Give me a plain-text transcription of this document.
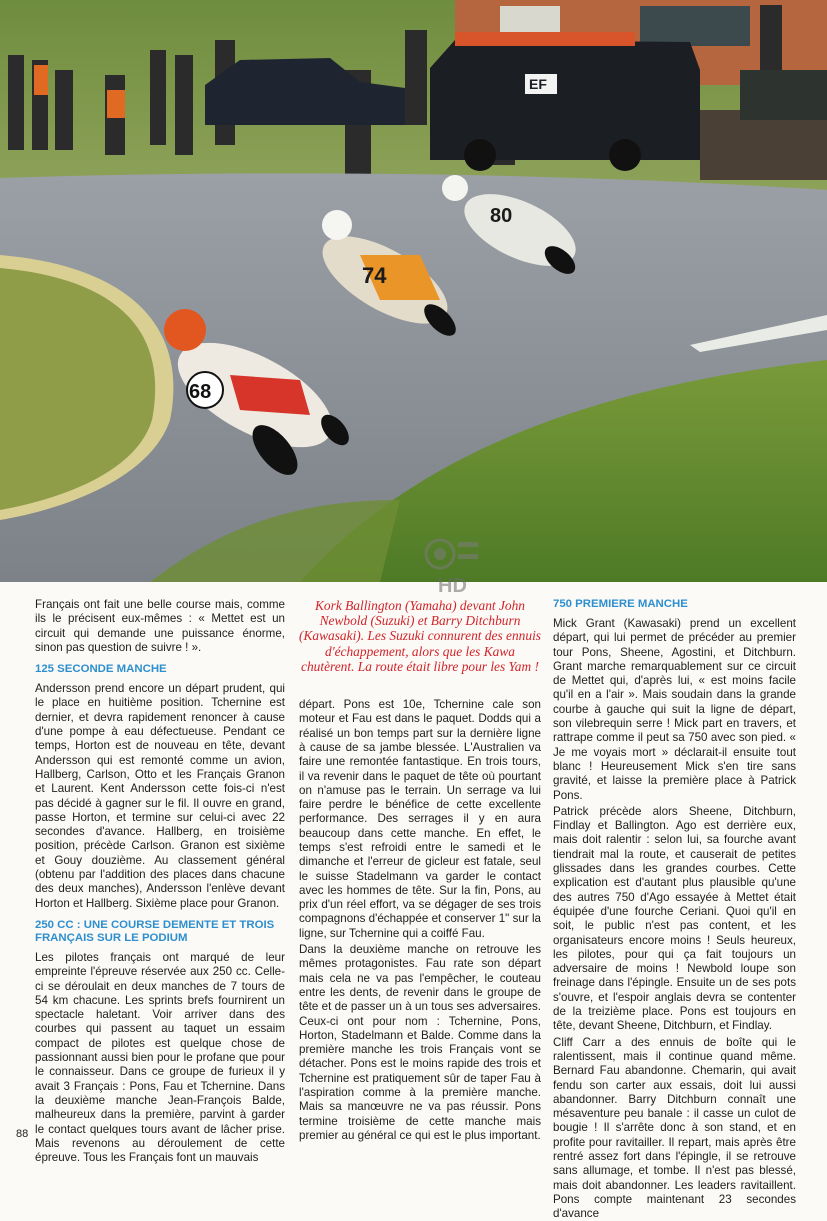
EF
80
74
68
HD

Français ont fait une belle course mais, comme ils le précisent eux-mêmes : « Mettet est un circuit qui demande une puissance énorme, sinon pas question de suivre ! ».

125 SECONDE MANCHE

Andersson prend encore un départ prudent, qui le place en huitième position. Tchernine est dernier, et devra rapidement renoncer à cause d'une pompe à eau défectueuse. Pendant ce temps, Horton est de nouveau en tête, devant Andersson qui est remonté comme un avion, Hallberg, Carlson, Otto et les Français Granon et Laurent. Kent Andersson cette fois-ci n'est pas décidé à gagner sur le fil. Il ouvre en grand, passe Horton, et termine sur celui-ci avec 22 secondes d'avance. Hallberg, en troisième position, précède Carlson. Granon est sixième et Gouy douzième. Au classement général (obtenu par l'addition des places dans chacune des deux manches), Andersson l'enlève devant Horton et Hallberg. Sixième place pour Granon.

250 CC : UNE COURSE DEMENTE ET TROIS FRANÇAIS SUR LE PODIUM

Les pilotes français ont marqué de leur empreinte l'épreuve réservée aux 250 cc. Celle-ci se déroulait en deux manches de 7 tours de 54 km chacune. Les sprints brefs fournirent un spectacle haletant. Voir arriver dans des courbes qui passent au taquet un essaim compact de pilotes est quelque chose de passionnant aussi bien pour le profane que pour le connaisseur. Dans ce groupe de furieux il y avait 3 Français : Pons, Fau et Tchernine. Dans la deuxième manche Jean-François Balde, malheureux dans la première, parvint à garder le contact quelques tours avant de lâcher prise. Mais revenons au déroulement de cette épreuve. Tous les Français font un mauvais

Kork Ballington (Yamaha) devant John Newbold (Suzuki) et Barry Ditchburn (Kawasaki). Les Suzuki connurent des ennuis d'échappement, alors que les Kawa chutèrent. La route était libre pour les Yam !

départ. Pons est 10e, Tchernine cale son moteur et Fau est dans le paquet. Dodds qui a réalisé un bon temps part sur la dernière ligne à cause de sa jambe blessée. L'Australien va faire une remontée fantastique. En trois tours, il va revenir dans le paquet de tête où pourtant on n'amuse pas le terrain. Un serrage va lui faire perdre le bénéfice de cette excellente performance. Des serrages il y en aura beaucoup dans cette manche. En effet, le temps s'est refroidi entre le samedi et le dimanche et l'erreur de gicleur est fatale, seul le suisse Stadelmann va garder le contact avec les hommes de tête. Sur la fin, Pons, au prix d'un réel effort, va se dégager de ses trois compagnons d'échappée et conserver 1" sur la ligne, sur Tchernine qui a coiffé Fau.

Dans la deuxième manche on retrouve les mêmes protagonistes. Fau rate son départ mais cela ne va pas l'empêcher, le couteau entre les dents, de revenir dans le groupe de tête et de passer un à un tous ses adversaires. Ceux-ci ont pour nom : Tchernine, Pons, Horton, Stadelmann et Balde. Comme dans la première manche les trois Français vont se détacher. Pons est le moins rapide des trois et Tchernine est pratiquement sûr de taper Fau à l'aspiration comme à la première manche. Mais sa manœuvre ne va pas réussir. Pons termine troisième de cette manche mais premier au général ce qui est le plus important.

750 PREMIERE MANCHE

Mick Grant (Kawasaki) prend un excellent départ, qui lui permet de précéder au premier tour Pons, Sheene, Agostini, et Ditchburn. Grant marche remarquablement sur ce circuit de Mettet qui, d'après lui, « est moins facile qu'il en a l'air ». Mais soudain dans la grande courbe à gauche qui suit la ligne de départ, son vilebrequin serre ! Mick part en travers, et rattrape comme il peut sa 750 avec son pied. « Je me voyais mort » déclarait-il ensuite tout blanc ! Heureusement Mick s'en tire sans gravité, et laisse la première place à Patrick Pons.

Patrick précède alors Sheene, Ditchburn, Findlay et Ballington. Ago est derrière eux, mais doit ralentir : selon lui, sa fourche avant tiendrait mal la route, et causerait de petites glissades dans les grandes courbes. Cette explication est d'autant plus plausible qu'une des autres 750 d'Ago essayée à Mettet était équipée d'une fourche Ceriani. Quoi qu'il en soit, le public n'est pas content, et les organisateurs encore moins ! Seuls heureux, les pilotes, pour qui ça fait toujours un adversaire de moins ! Newbold loupe son freinage dans l'épingle. Ensuite un de ses pots s'ouvre, et l'espoir anglais devra se contenter de la treizième place. Pons est toujours en tête, devant Sheene, Ditchburn, et Findlay.

Cliff Carr a des ennuis de boîte qui le ralentissent, mais il continue quand même. Bernard Fau abandonne. Chemarin, qui avait fendu son carter aux essais, doit lui aussi abandonner. Barry Ditchburn connaît une mésaventure peu banale : il casse un culot de bougie ! Il s'arrête donc à son stand, et en profite pour ravitailler. Il repart, mais après être rentré assez fort dans l'épingle, il se retrouve sans allumage, et tombe. Il n'est pas blessé, mais doit abandonner. Les leaders ravitaillent. Pons compte maintenant 23 secondes d'avance

88
